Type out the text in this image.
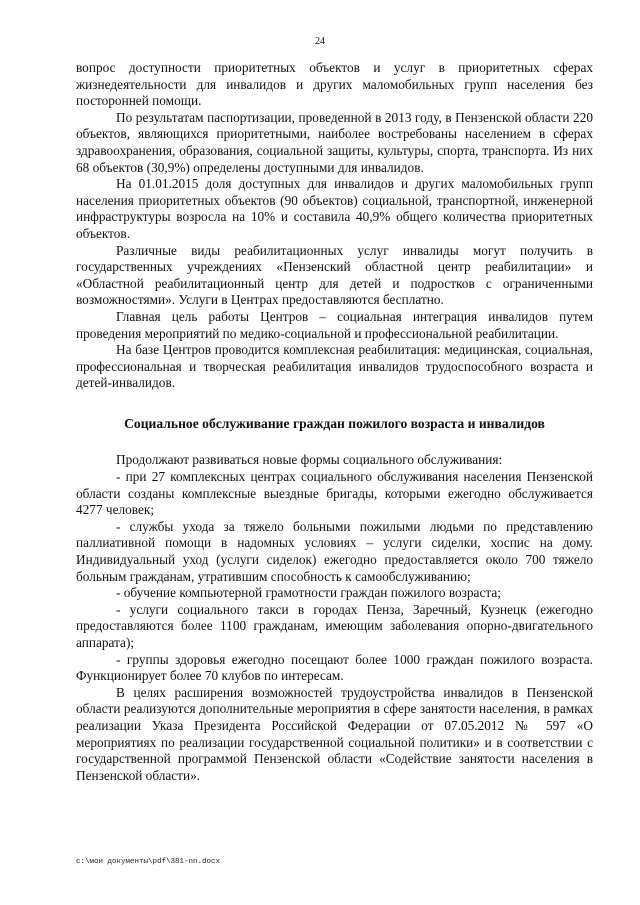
24

вопрос доступности приоритетных объектов и услуг в приоритетных сферах жизнедеятельности для инвалидов и других маломобильных групп населения без посторонней помощи.

По результатам паспортизации, проведенной в 2013 году, в Пензенской области 220 объектов, являющихся приоритетными, наиболее востребованы населением в сферах здравоохранения, образования, социальной защиты, культуры, спорта, транспорта. Из них 68 объектов (30,9%) определены доступными для инвалидов.

На 01.01.2015 доля доступных для инвалидов и других маломобильных групп населения приоритетных объектов (90 объектов) социальной, транспортной, инженерной инфраструктуры возросла на 10% и составила 40,9% общего количества приоритетных объектов.

Различные виды реабилитационных услуг инвалиды могут получить в государственных учреждениях «Пензенский областной центр реабилитации» и «Областной реабилитационный центр для детей и подростков с ограниченными возможностями». Услуги в Центрах предоставляются бесплатно.

Главная цель работы Центров – социальная интеграция инвалидов путем проведения мероприятий по медико-социальной и профессиональной реабилитации.

На базе Центров проводится комплексная реабилитация: медицинская, социальная, профессиональная и творческая реабилитация инвалидов трудоспособного возраста и детей-инвалидов.

Социальное обслуживание граждан пожилого возраста и инвалидов

Продолжают развиваться новые формы социального обслуживания:

- при 27 комплексных центрах социального обслуживания населения Пензенской области созданы комплексные выездные бригады, которыми ежегодно обслуживается 4277 человек;

- службы ухода за тяжело больными пожилыми людьми по представлению паллиативной помощи в надомных условиях – услуги сиделки, хоспис на дому. Индивидуальный уход (услуги сиделок) ежегодно предоставляется около 700 тяжело больным гражданам, утратившим способность к самообслуживанию;

- обучение компьютерной грамотности граждан пожилого возраста;

- услуги социального такси в городах Пенза, Заречный, Кузнецк (ежегодно предоставляются более 1100 гражданам, имеющим заболевания опорно-двигательного аппарата);

- группы здоровья ежегодно посещают более 1000 граждан пожилого возраста. Функционирует более 70 клубов по интересам.

В целях расширения возможностей трудоустройства инвалидов в Пензенской области реализуются дополнительные мероприятия в сфере занятости населения, в рамках реализации Указа Президента Российской Федерации от 07.05.2012 № 597 «О мероприятиях по реализации государственной социальной политики» и в соответствии с государственной программой Пензенской области «Содействие занятости населения в Пензенской области».

c:\мои документы\pdf\381-nn.docx
